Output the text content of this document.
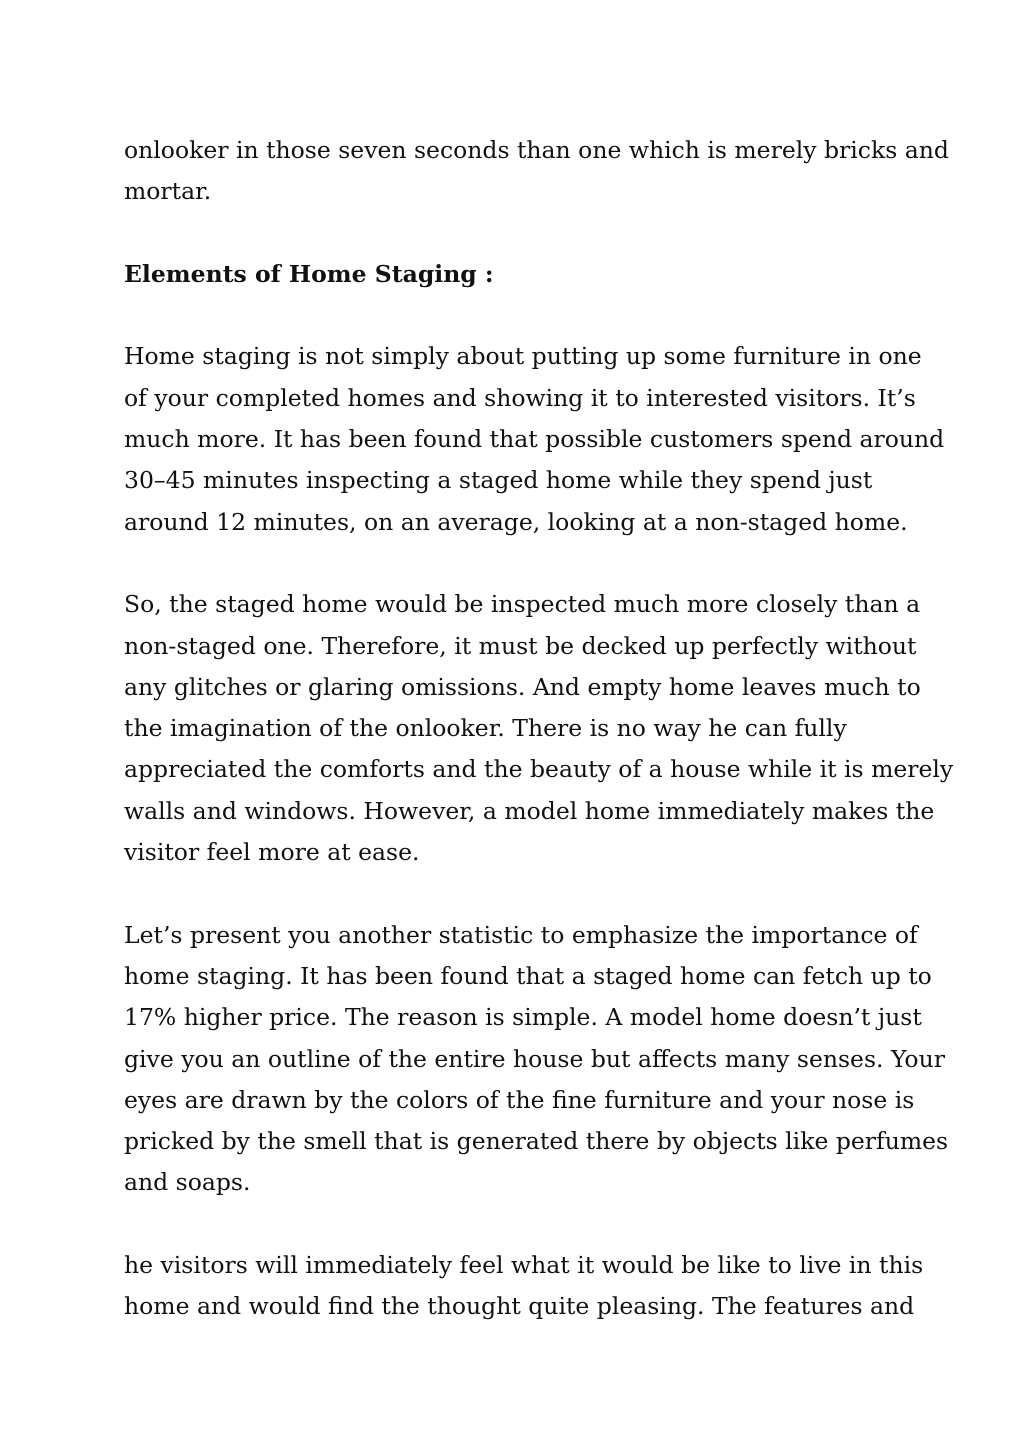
onlooker in those seven seconds than one which is merely bricks and
mortar.

Elements of Home Staging :

Home staging is not simply about putting up some furniture in one
of your completed homes and showing it to interested visitors. It’s
much more. It has been found that possible customers spend around
30–45 minutes inspecting a staged home while they spend just
around 12 minutes, on an average, looking at a non-staged home.

So, the staged home would be inspected much more closely than a
non-staged one. Therefore, it must be decked up perfectly without
any glitches or glaring omissions. And empty home leaves much to
the imagination of the onlooker. There is no way he can fully
appreciated the comforts and the beauty of a house while it is merely
walls and windows. However, a model home immediately makes the
visitor feel more at ease.

Let’s present you another statistic to emphasize the importance of
home staging. It has been found that a staged home can fetch up to
17% higher price. The reason is simple. A model home doesn’t just
give you an outline of the entire house but affects many senses. Your
eyes are drawn by the colors of the fine furniture and your nose is
pricked by the smell that is generated there by objects like perfumes
and soaps.

he visitors will immediately feel what it would be like to live in this
home and would find the thought quite pleasing. The features and
